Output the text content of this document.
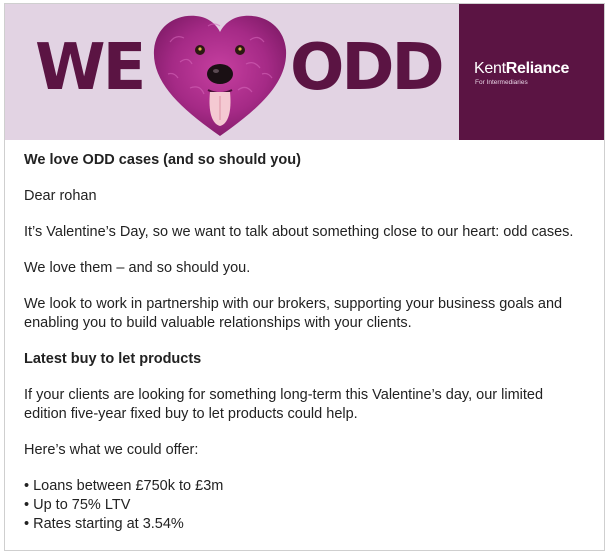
WE ODD KentReliance
For Intermediaries

We love ODD cases (and so should you)

Dear rohan

It’s Valentine’s Day, so we want to talk about something close to our heart: odd cases.

We love them – and so should you.

We look to work in partnership with our brokers, supporting your business goals and enabling you to build valuable relationships with your clients.

Latest buy to let products

If your clients are looking for something long-term this Valentine’s day, our limited edition five-year fixed buy to let products could help.

Here’s what we could offer:

• Loans between £750k to £3m
• Up to 75% LTV
• Rates starting at 3.54%
